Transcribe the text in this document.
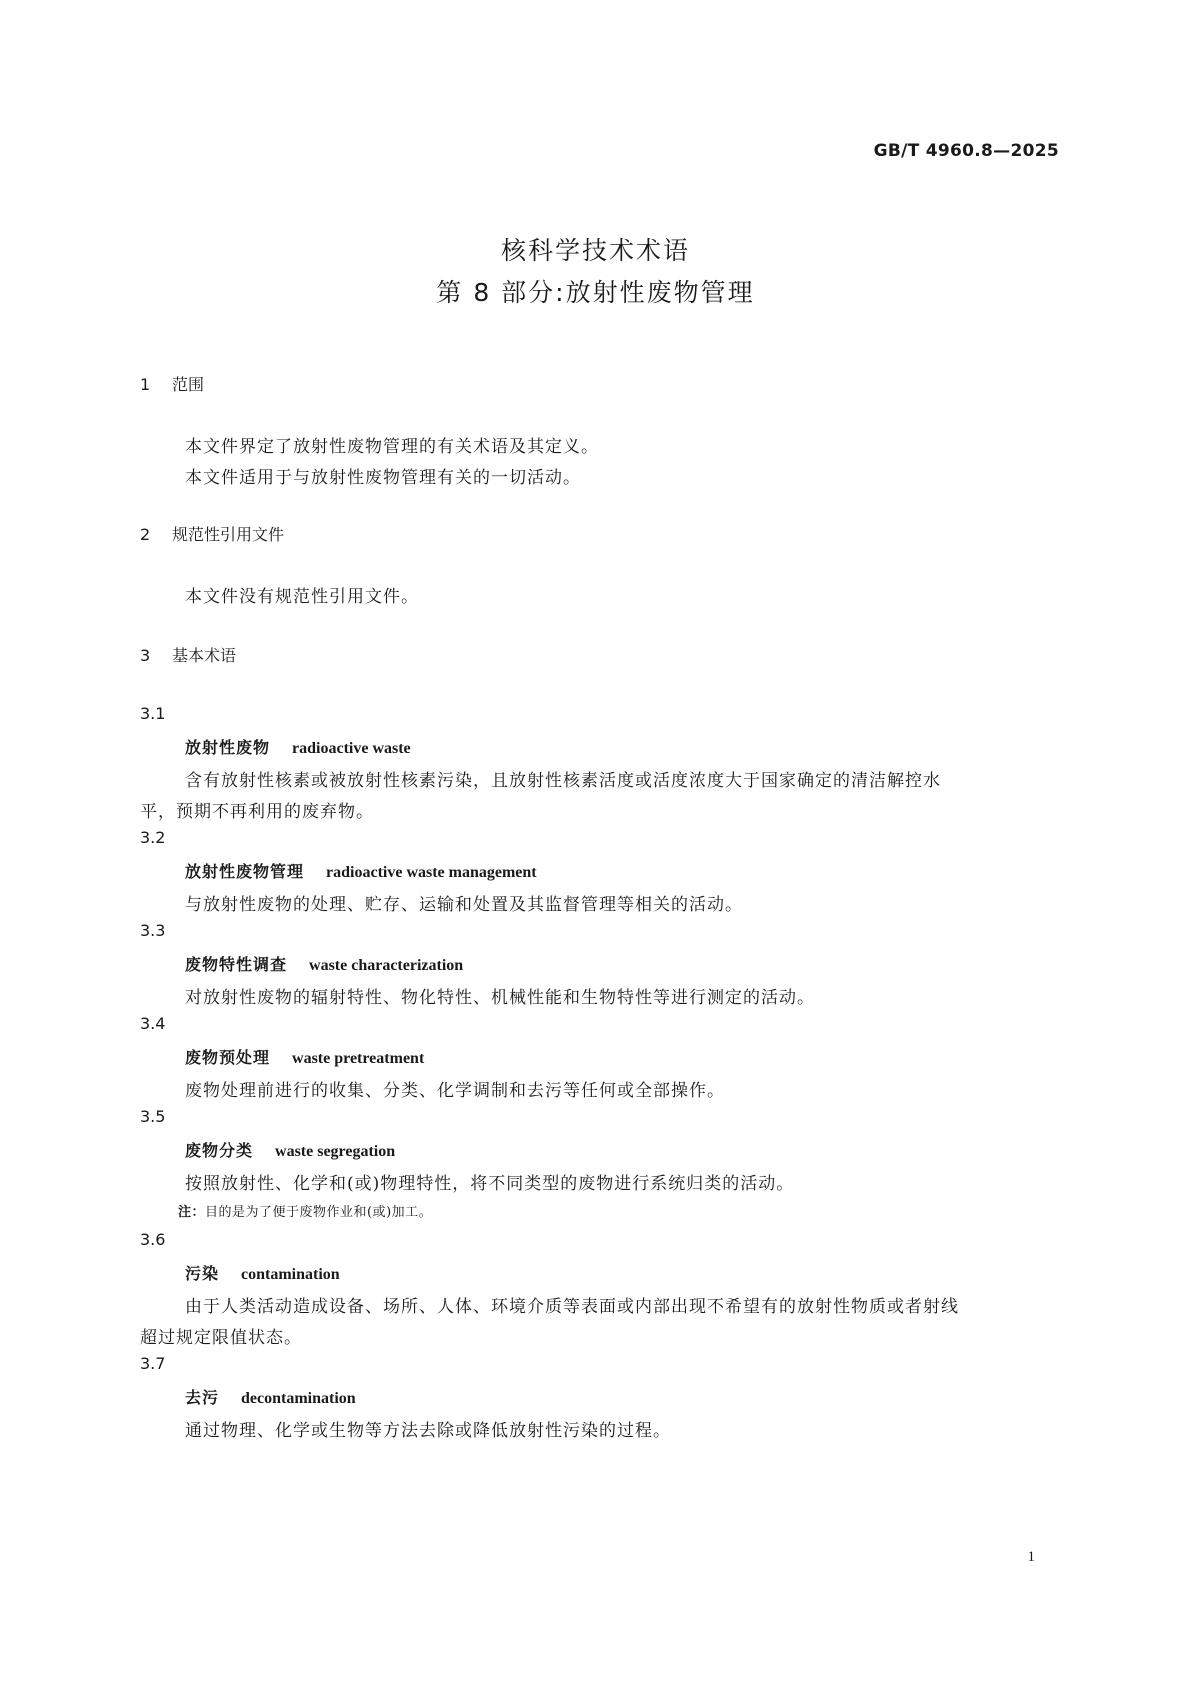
GB/T 4960.8—2025
核科学技术术语
第 8 部分:放射性废物管理
1 范围
本文件界定了放射性废物管理的有关术语及其定义。
本文件适用于与放射性废物管理有关的一切活动。
2 规范性引用文件
本文件没有规范性引用文件。
3 基本术语
3.1
放射性废物 radioactive waste
含有放射性核素或被放射性核素污染，且放射性核素活度或活度浓度大于国家确定的清洁解控水
平，预期不再利用的废弃物。
3.2
放射性废物管理 radioactive waste management
与放射性废物的处理、贮存、运输和处置及其监督管理等相关的活动。
3.3
废物特性调查 waste characterization
对放射性废物的辐射特性、物化特性、机械性能和生物特性等进行测定的活动。
3.4
废物预处理 waste pretreatment
废物处理前进行的收集、分类、化学调制和去污等任何或全部操作。
3.5
废物分类 waste segregation
按照放射性、化学和(或)物理特性，将不同类型的废物进行系统归类的活动。
注：目的是为了便于废物作业和(或)加工。
3.6
污染 contamination
由于人类活动造成设备、场所、人体、环境介质等表面或内部出现不希望有的放射性物质或者射线
超过规定限值状态。
3.7
去污 decontamination
通过物理、化学或生物等方法去除或降低放射性污染的过程。
1
